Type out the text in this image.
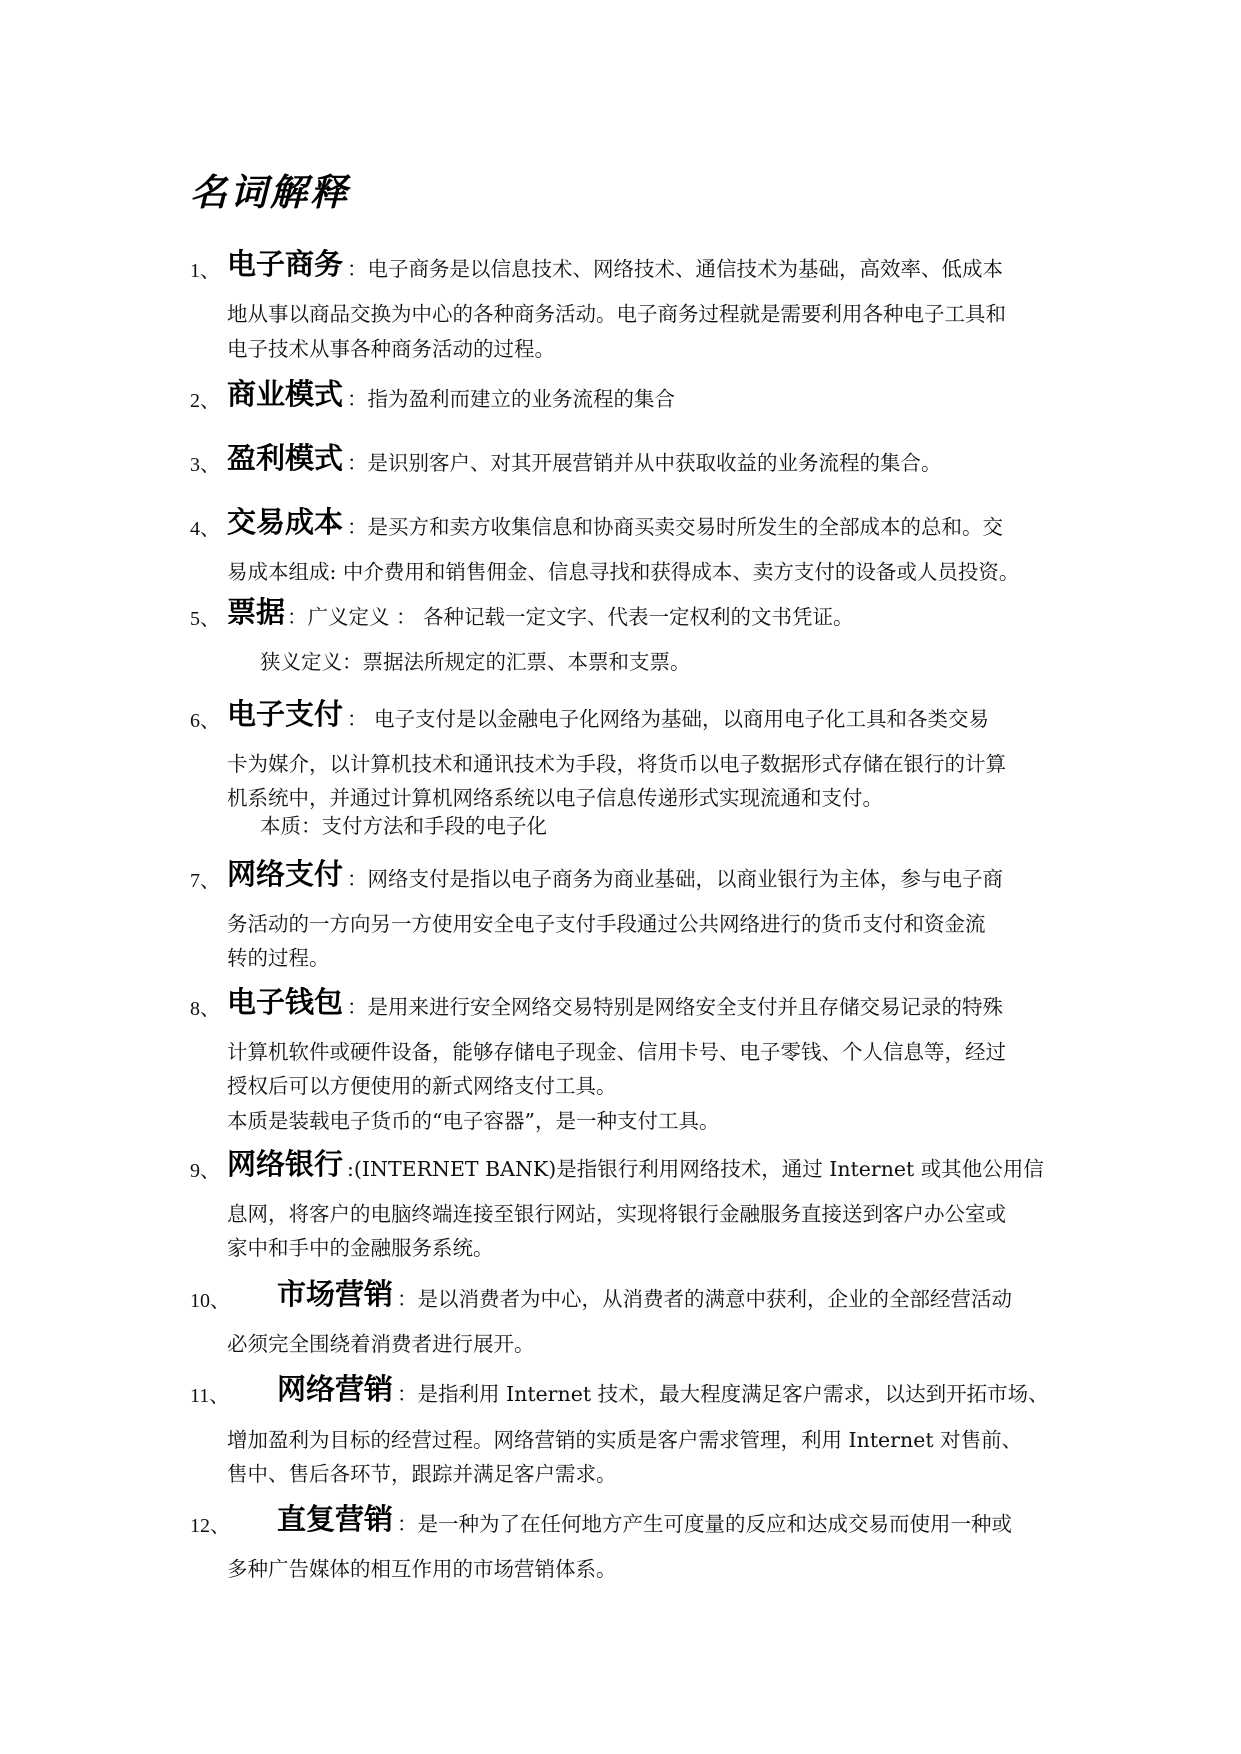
名词解释
1、 电子商务 ：电子商务是以信息技术、网络技术、通信技术为基础，高效率、低成本
地从事以商品交换为中心的各种商务活动。电子商务过程就是需要利用各种电子工具和
电子技术从事各种商务活动的过程。
2、 商业模式 ：指为盈利而建立的业务流程的集合
3、 盈利模式 ：是识别客户、对其开展营销并从中获取收益的业务流程的集合。
4、 交易成本 ：是买方和卖方收集信息和协商买卖交易时所发生的全部成本的总和。交
易成本组成: 中介费用和销售佣金、信息寻找和获得成本、卖方支付的设备或人员投资。
5、 票据 ：广义定义 ： 各种记载一定文字、代表一定权利的文书凭证。
狭义定义：票据法所规定的汇票、本票和支票。
6、 电子支付 ： 电子支付是以金融电子化网络为基础，以商用电子化工具和各类交易
卡为媒介，以计算机技术和通讯技术为手段，将货币以电子数据形式存储在银行的计算
机系统中，并通过计算机网络系统以电子信息传递形式实现流通和支付。
本质：支付方法和手段的电子化
7、 网络支付 ：网络支付是指以电子商务为商业基础，以商业银行为主体，参与电子商
务活动的一方向另一方使用安全电子支付手段通过公共网络进行的货币支付和资金流
转的过程。
8、 电子钱包 ：是用来进行安全网络交易特别是网络安全支付并且存储交易记录的特殊
计算机软件或硬件设备，能够存储电子现金、信用卡号、电子零钱、个人信息等，经过
授权后可以方便使用的新式网络支付工具。
本质是装载电子货币的“电子容器”，是一种支付工具。
9、 网络银行 :(INTERNET BANK)是指银行利用网络技术，通过 Internet 或其他公用信
息网，将客户的电脑终端连接至银行网站，实现将银行金融服务直接送到客户办公室或
家中和手中的金融服务系统。
10、 市场营销 ：是以消费者为中心，从消费者的满意中获利，企业的全部经营活动
必须完全围绕着消费者进行展开。
11、 网络营销 ：是指利用 Internet 技术，最大程度满足客户需求，以达到开拓市场、
增加盈利为目标的经营过程。网络营销的实质是客户需求管理，利用 Internet 对售前、
售中、售后各环节，跟踪并满足客户需求。
12、 直复营销 ：是一种为了在任何地方产生可度量的反应和达成交易而使用一种或
多种广告媒体的相互作用的市场营销体系。
